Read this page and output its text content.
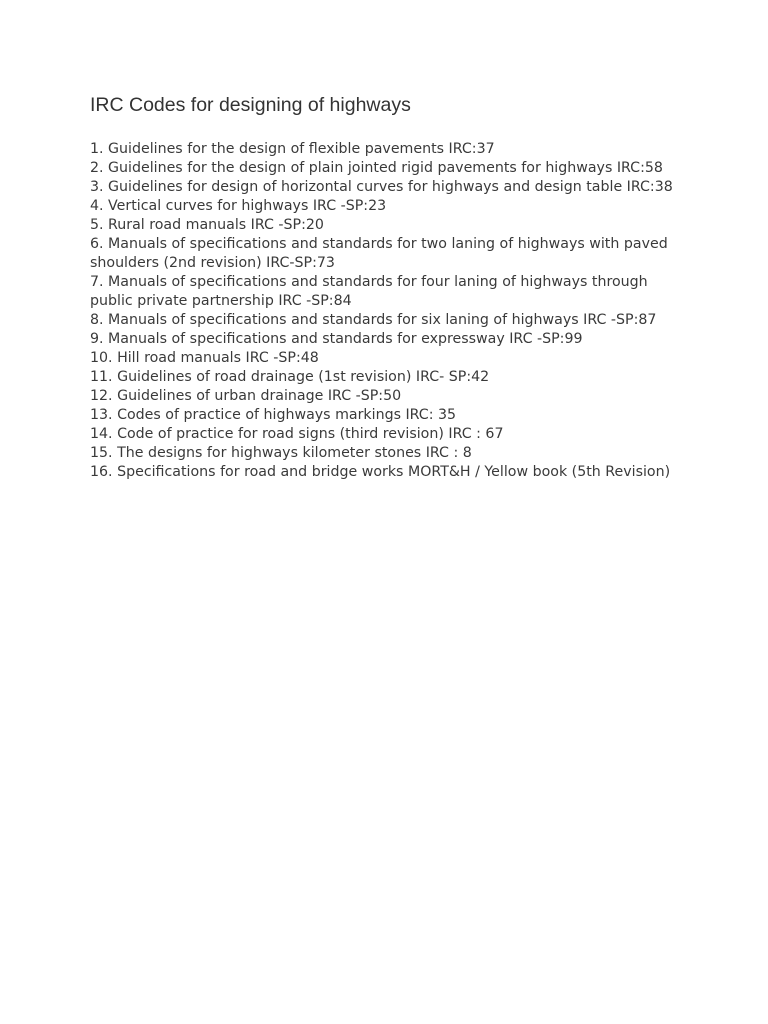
IRC Codes for designing of highways
1. Guidelines for the design of flexible pavements IRC:37
2. Guidelines for the design of plain jointed rigid pavements for highways IRC:58
3. Guidelines for design of horizontal curves for highways and design table IRC:38
4. Vertical curves for highways IRC -SP:23
5. Rural road manuals IRC -SP:20
6. Manuals of specifications and standards for two laning of highways with paved shoulders (2nd revision) IRC-SP:73
7. Manuals of specifications and standards for four laning of highways through public private partnership IRC -SP:84
8. Manuals of specifications and standards for six laning of highways IRC -SP:87
9. Manuals of specifications and standards for expressway IRC -SP:99
10. Hill road manuals IRC -SP:48
11. Guidelines of road drainage (1st revision) IRC- SP:42
12. Guidelines of urban drainage IRC -SP:50
13. Codes of practice of highways markings IRC: 35
14. Code of practice for road signs (third revision) IRC : 67
15. The designs for highways kilometer stones IRC : 8
16. Specifications for road and bridge works MORT&H / Yellow book (5th Revision)
